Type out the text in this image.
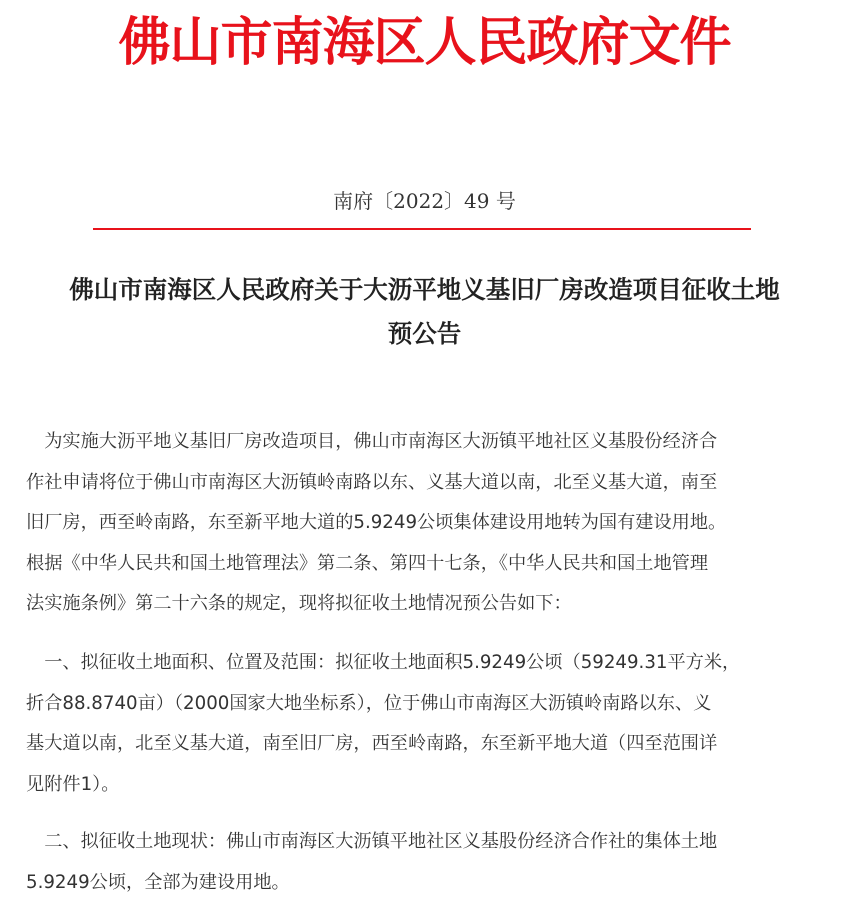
佛山市南海区人民政府文件
南府〔2022〕49 号
佛山市南海区人民政府关于大沥平地义基旧厂房改造项目征收土地
预公告
　为实施大沥平地义基旧厂房改造项目，佛山市南海区大沥镇平地社区义基股份经济合
作社申请将位于佛山市南海区大沥镇岭南路以东、义基大道以南，北至义基大道，南至
旧厂房，西至岭南路，东至新平地大道的5.9249公顷集体建设用地转为国有建设用地。
根据《中华人民共和国土地管理法》第二条、第四十七条，《中华人民共和国土地管理
法实施条例》第二十六条的规定，现将拟征收土地情况预公告如下：
　一、拟征收土地面积、位置及范围：拟征收土地面积5.9249公顷（59249.31平方米，
折合88.8740亩）（2000国家大地坐标系），位于佛山市南海区大沥镇岭南路以东、义
基大道以南，北至义基大道，南至旧厂房，西至岭南路，东至新平地大道（四至范围详
见附件1）。
　二、拟征收土地现状：佛山市南海区大沥镇平地社区义基股份经济合作社的集体土地
5.9249公顷，全部为建设用地。
